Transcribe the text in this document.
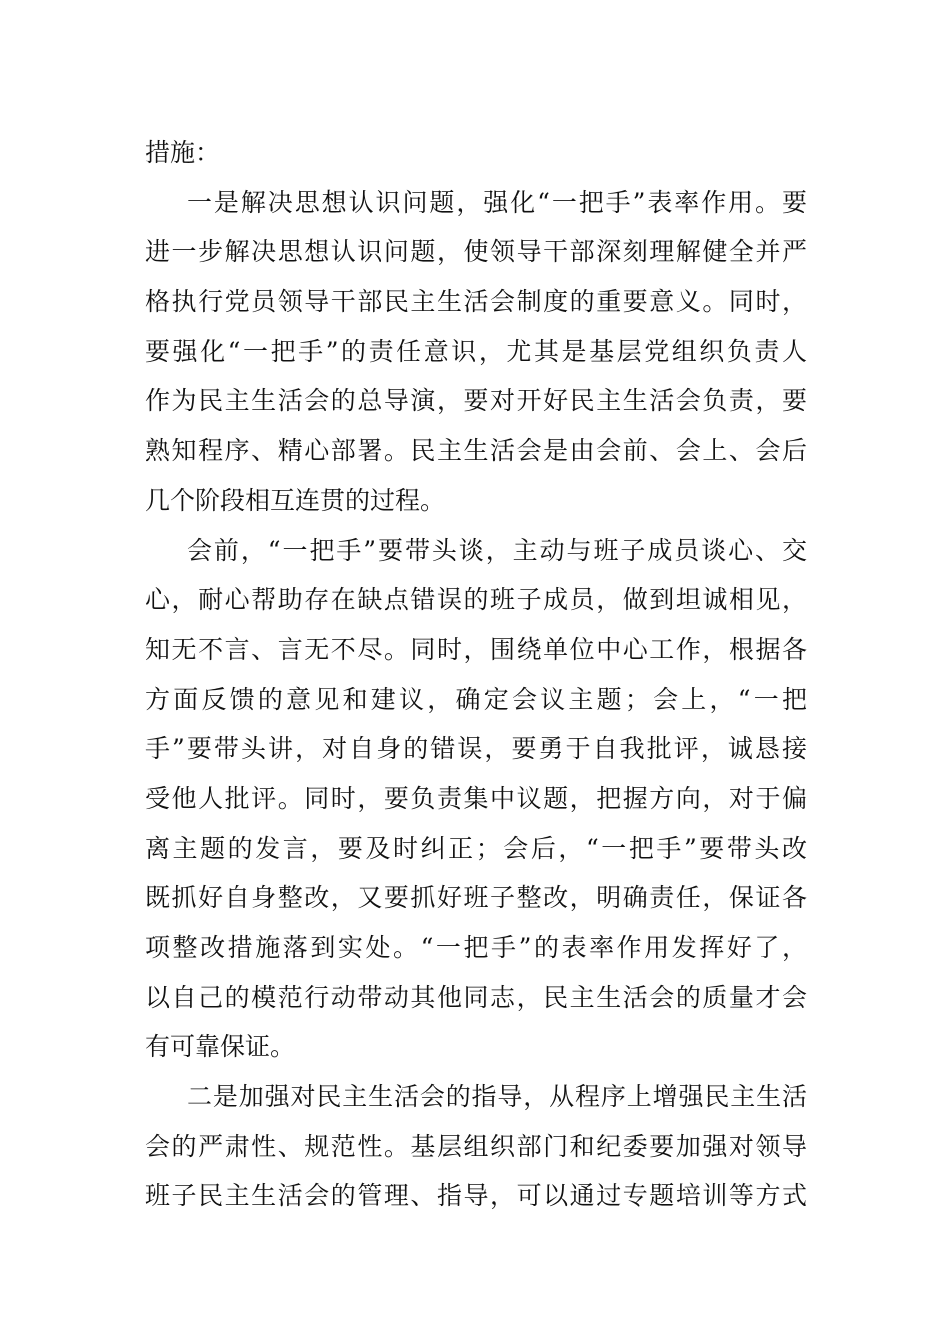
措施：
一是解决思想认识问题，强化“一把手”表率作用。要
进一步解决思想认识问题，使领导干部深刻理解健全并严
格执行党员领导干部民主生活会制度的重要意义。同时，
要强化“一把手”的责任意识，尤其是基层党组织负责人
作为民主生活会的总导演，要对开好民主生活会负责，要
熟知程序、精心部署。民主生活会是由会前、会上、会后
几个阶段相互连贯的过程。
会前，“一把手”要带头谈，主动与班子成员谈心、交
心，耐心帮助存在缺点错误的班子成员，做到坦诚相见，
知无不言、言无不尽。同时，围绕单位中心工作，根据各
方面反馈的意见和建议，确定会议主题；会上，“一把
手”要带头讲，对自身的错误，要勇于自我批评，诚恳接
受他人批评。同时，要负责集中议题，把握方向，对于偏
离主题的发言，要及时纠正；会后，“一把手”要带头改
既抓好自身整改，又要抓好班子整改，明确责任，保证各
项整改措施落到实处。“一把手”的表率作用发挥好了，
以自己的模范行动带动其他同志，民主生活会的质量才会
有可靠保证。
二是加强对民主生活会的指导，从程序上增强民主生活
会的严肃性、规范性。基层组织部门和纪委要加强对领导
班子民主生活会的管理、指导，可以通过专题培训等方式
